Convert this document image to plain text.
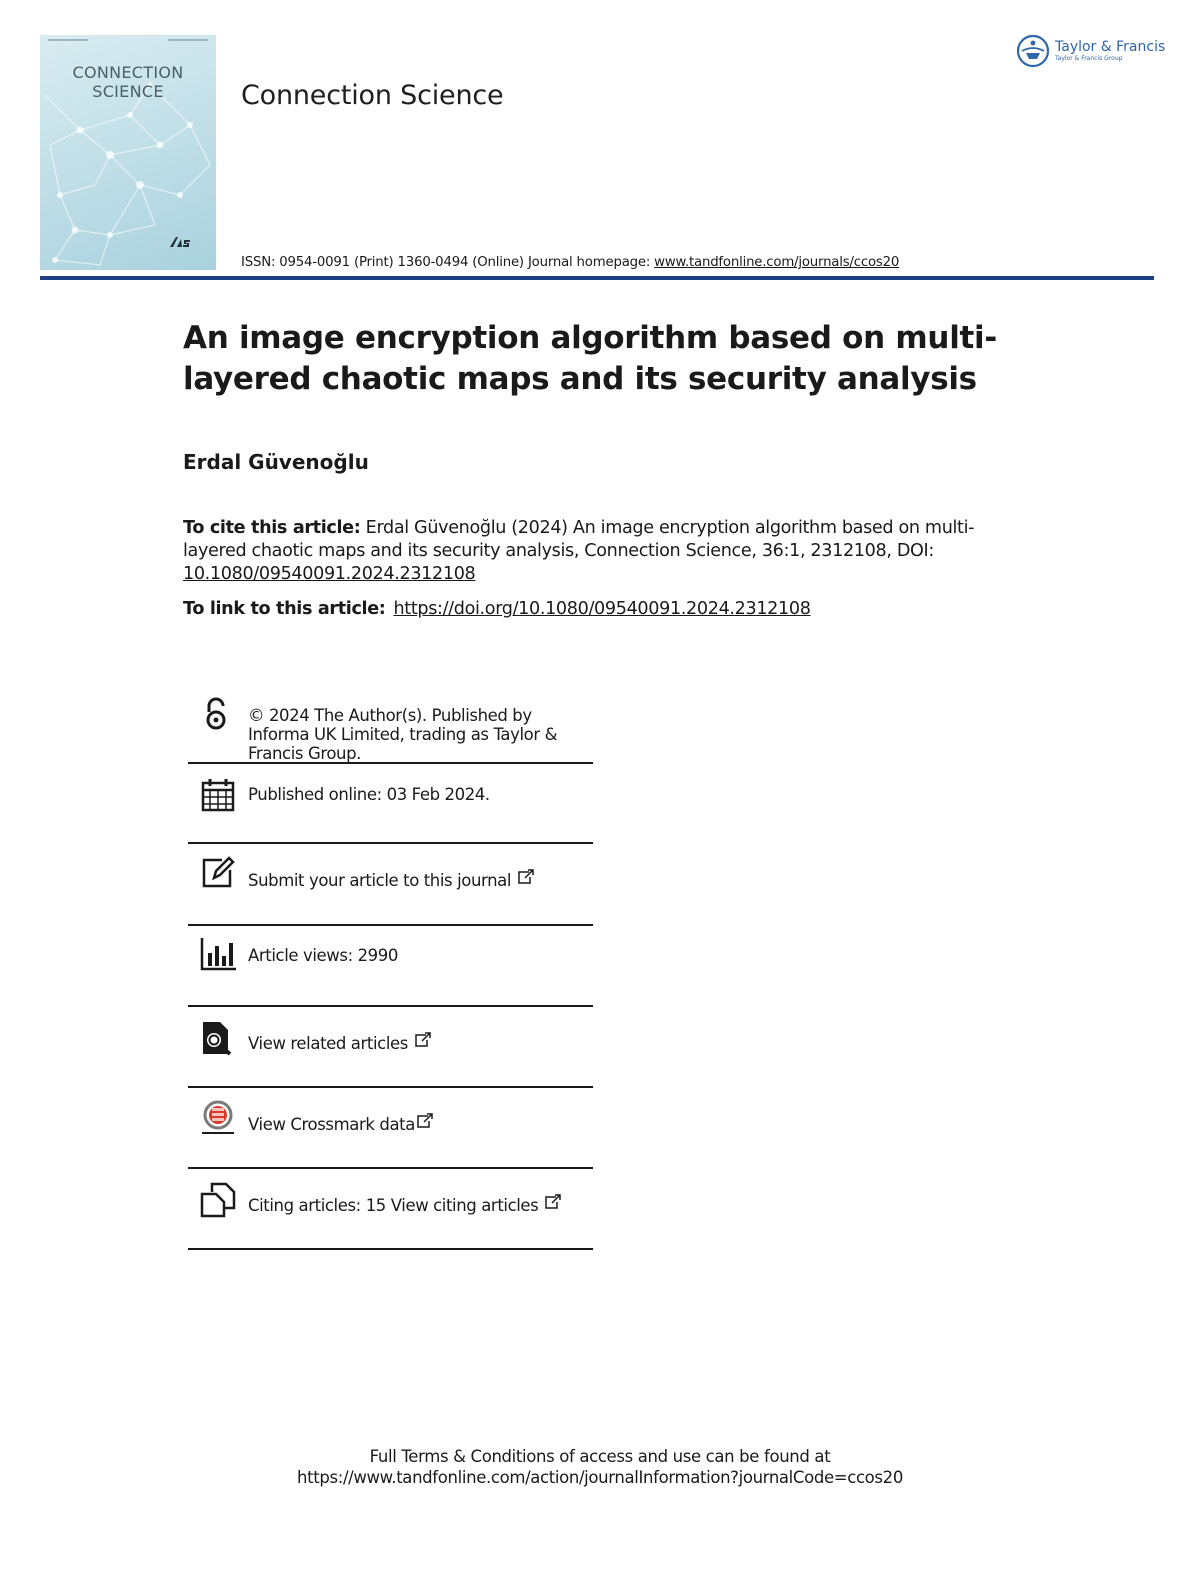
CONNECTION
SCIENCE	Connection Science
ISSN: 0954-0091 (Print) 1360-0494 (Online) Journal homepage: www.tandfonline.com/journals/ccos20
Taylor & Francis
Taylor & Francis Group
An image encryption algorithm based on multi-layered chaotic maps and its security analysis
Erdal Güvenoğlu

To cite this article: Erdal Güvenoğlu (2024) An image encryption algorithm based on multi-layered chaotic maps and its security analysis, Connection Science, 36:1, 2312108, DOI: 10.1080/09540091.2024.2312108

To link to this article: https://doi.org/10.1080/09540091.2024.2312108
© 2024 The Author(s). Published by Informa UK Limited, trading as Taylor & Francis Group.
Published online: 03 Feb 2024.
Submit your article to this journal
Article views: 2990
View related articles
View Crossmark data
Citing articles: 15 View citing articles
Full Terms & Conditions of access and use can be found at
https://www.tandfonline.com/action/journalInformation?journalCode=ccos20
